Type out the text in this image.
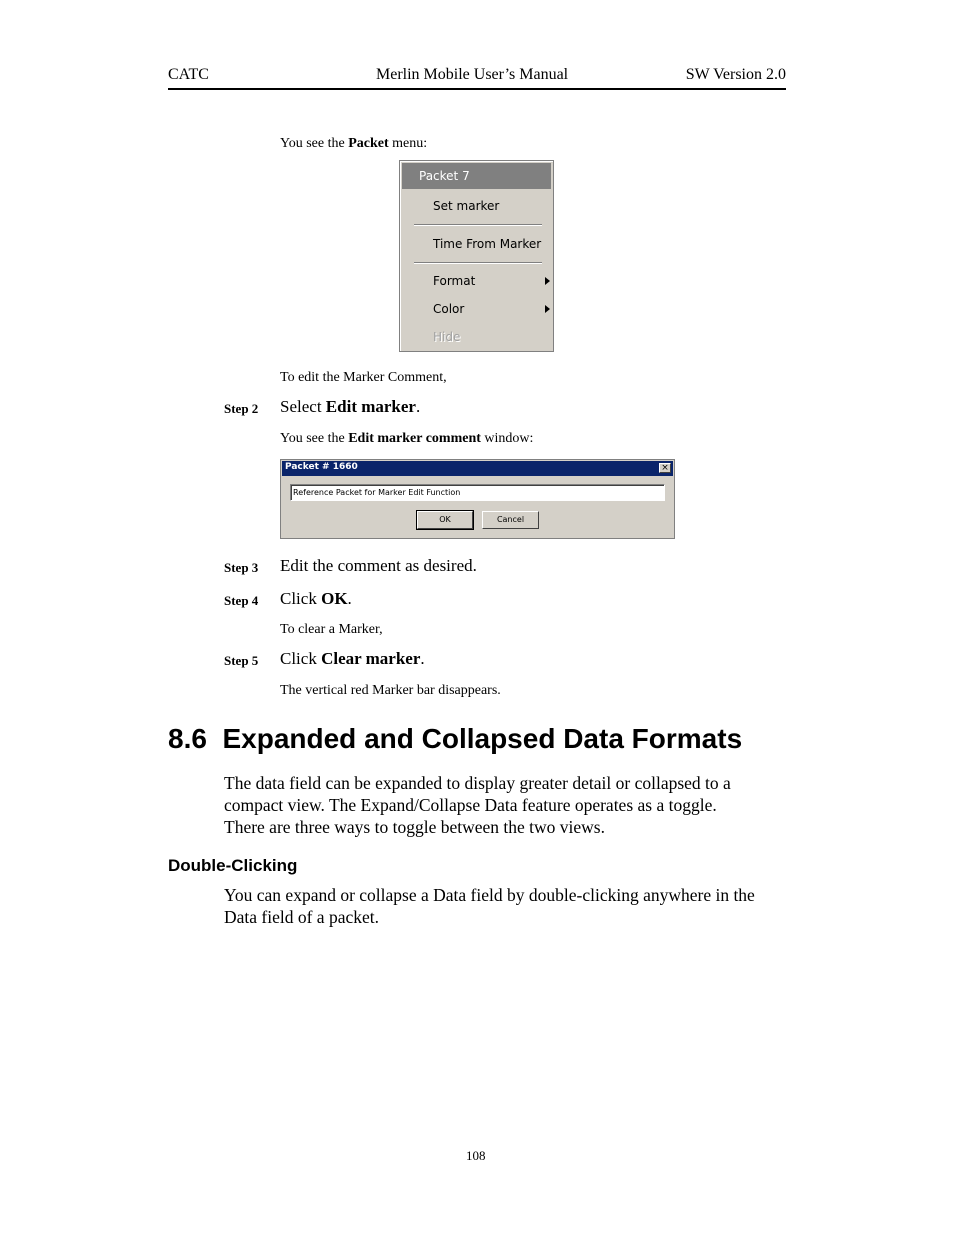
CATC	Merlin Mobile User’s Manual	SW Version 2.0
You see the Packet menu:
Packet 7
Set marker
Time From Marker
Format
Color
Hide
To edit the Marker Comment,
Step 2 Select Edit marker.
You see the Edit marker comment window:
Packet # 1660	×
Reference Packet for Marker Edit Function
OK	Cancel
Step 3 Edit the comment as desired.
Step 4 Click OK.
To clear a Marker,
Step 5 Click Clear marker.
The vertical red Marker bar disappears.
8.6  Expanded and Collapsed Data Formats
The data field can be expanded to display greater detail or collapsed to a
compact view. The Expand/Collapse Data feature operates as a toggle.
There are three ways to toggle between the two views.
Double-Clicking
You can expand or collapse a Data field by double-clicking anywhere in the
Data field of a packet.
108
